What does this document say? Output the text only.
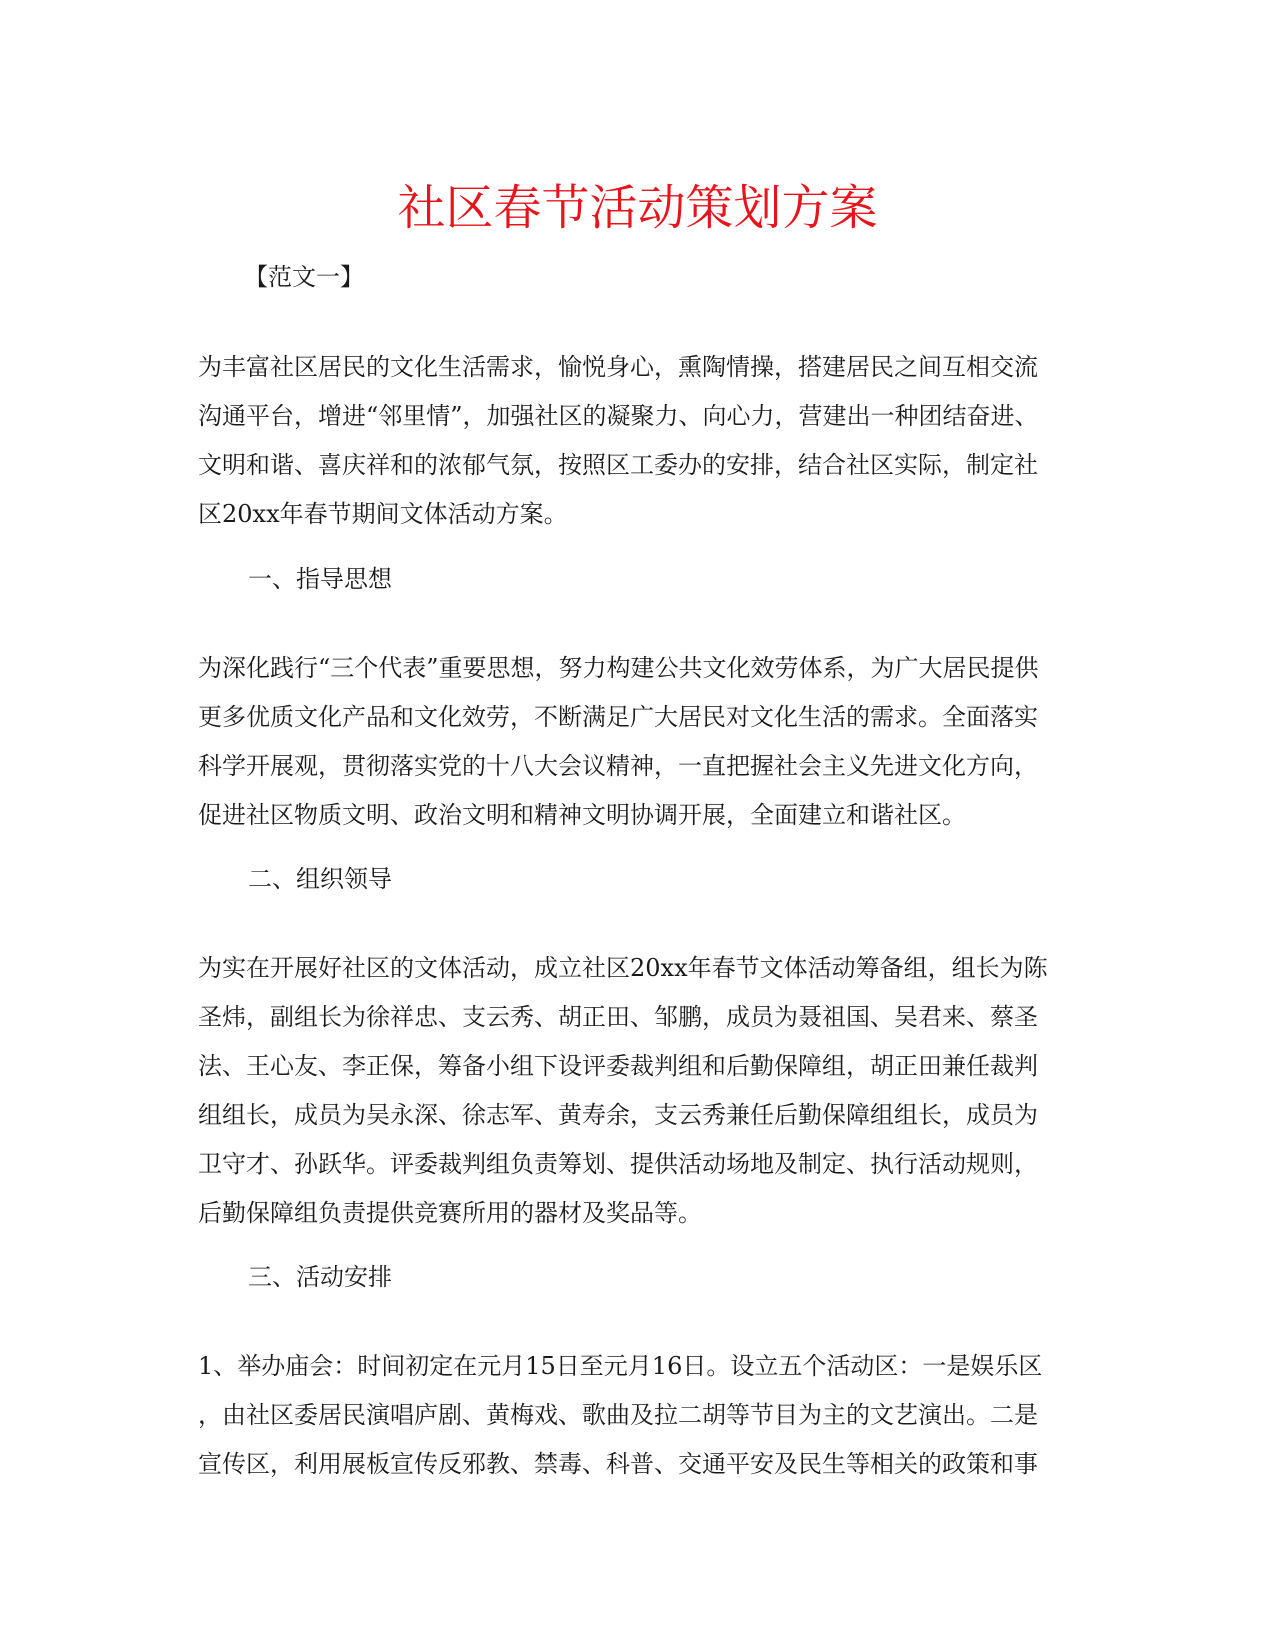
社区春节活动策划方案
【范文一】
为丰富社区居民的文化生活需求，愉悦身心，熏陶情操，搭建居民之间互相交流
沟通平台，增进“邻里情”，加强社区的凝聚力、向心力，营建出一种团结奋进、
文明和谐、喜庆祥和的浓郁气氛，按照区工委办的安排，结合社区实际，制定社
区20xx年春节期间文体活动方案。
一、指导思想
为深化践行“三个代表”重要思想，努力构建公共文化效劳体系，为广大居民提供
更多优质文化产品和文化效劳，不断满足广大居民对文化生活的需求。全面落实
科学开展观，贯彻落实党的十八大会议精神，一直把握社会主义先进文化方向，
促进社区物质文明、政治文明和精神文明协调开展，全面建立和谐社区。
二、组织领导
为实在开展好社区的文体活动，成立社区20xx年春节文体活动筹备组，组长为陈
圣炜，副组长为徐祥忠、支云秀、胡正田、邹鹏，成员为聂祖国、吴君来、蔡圣
法、王心友、李正保，筹备小组下设评委裁判组和后勤保障组，胡正田兼任裁判
组组长，成员为吴永深、徐志军、黄寿余，支云秀兼任后勤保障组组长，成员为
卫守才、孙跃华。评委裁判组负责筹划、提供活动场地及制定、执行活动规则，
后勤保障组负责提供竞赛所用的器材及奖品等。
三、活动安排
1、举办庙会：时间初定在元月15日至元月16日。设立五个活动区：一是娱乐区
，由社区委居民演唱庐剧、黄梅戏、歌曲及拉二胡等节目为主的文艺演出。二是
宣传区，利用展板宣传反邪教、禁毒、科普、交通平安及民生等相关的政策和事
